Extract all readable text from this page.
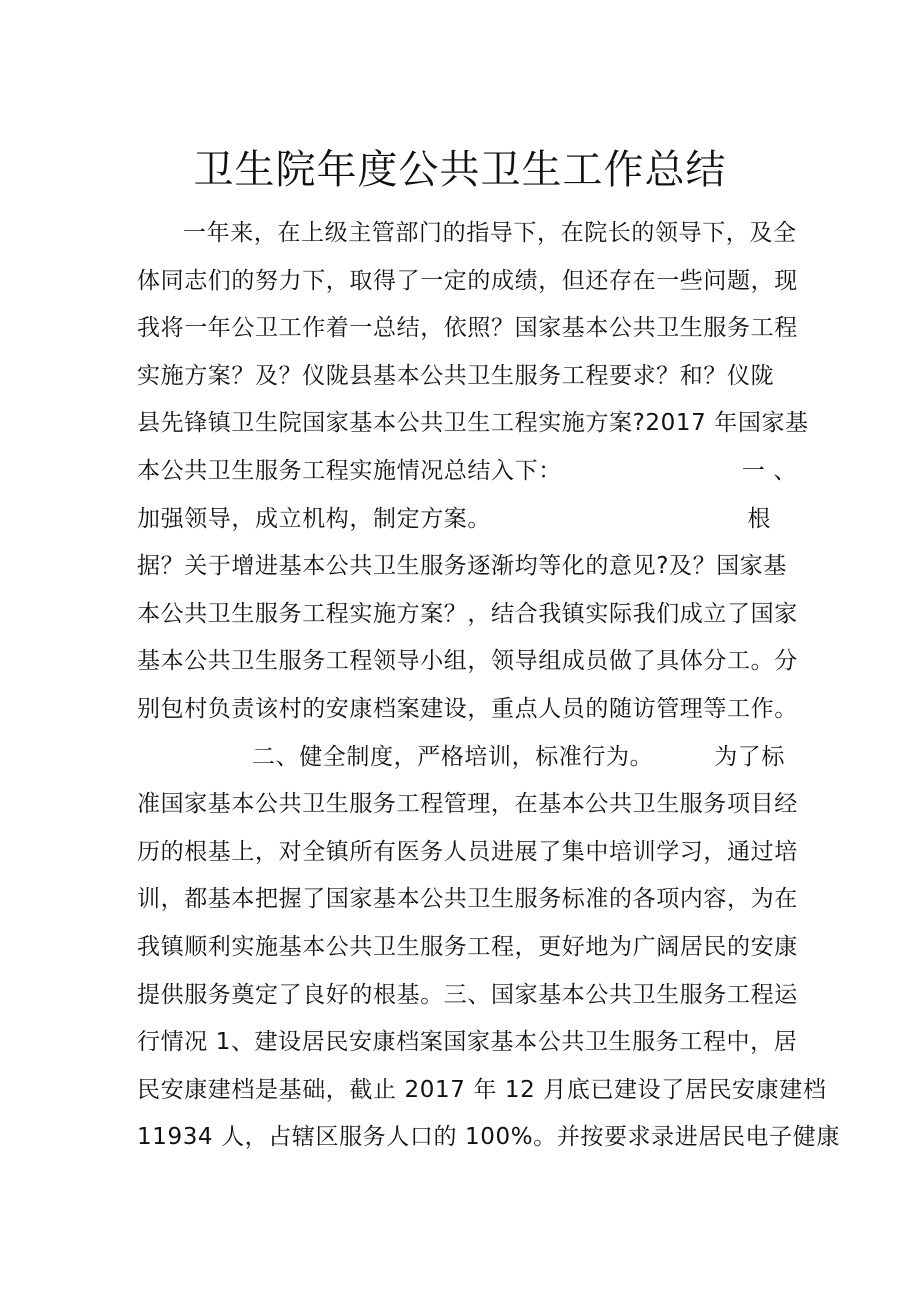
卫生院年度公共卫生工作总结
一年来，在上级主管部门的指导下，在院长的领导下，及全
体同志们的努力下，取得了一定的成绩，但还存在一些问题，现
我将一年公卫工作着一总结，依照？国家基本公共卫生服务工程
实施方案？及？仪陇县基本公共卫生服务工程要求？和？仪陇
县先锋镇卫生院国家基本公共卫生工程实施方案?2017 年国家基
本公共卫生服务工程实施情况总结入下：	一 、
加强领导，成立机构，制定方案。	根
据？关于增进基本公共卫生服务逐渐均等化的意见?及？国家基
本公共卫生服务工程实施方案？，结合我镇实际我们成立了国家
基本公共卫生服务工程领导小组，领导组成员做了具体分工。分
别包村负责该村的安康档案建设，重点人员的随访管理等工作。
二、健全制度，严格培训，标准行为。	为了标
准国家基本公共卫生服务工程管理，在基本公共卫生服务项目经
历的根基上，对全镇所有医务人员进展了集中培训学习，通过培
训，都基本把握了国家基本公共卫生服务标准的各项内容，为在
我镇顺利实施基本公共卫生服务工程，更好地为广阔居民的安康
提供服务奠定了良好的根基。三、国家基本公共卫生服务工程运
行情况 1、建设居民安康档案国家基本公共卫生服务工程中，居
民安康建档是基础，截止 2017 年 12 月底已建设了居民安康建档
11934 人，占辖区服务人口的 100%。并按要求录进居民电子健康
